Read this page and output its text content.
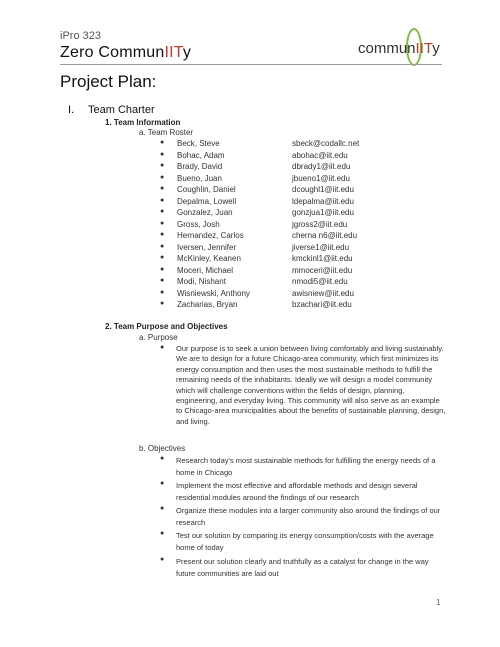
iPro 323
Zero CommunIITy	communIITy
Project Plan:
I. Team Charter
1. Team Information
a. Team Roster
● Beck, Steve	sbeck@codallc.net
● Bohac, Adam	abohac@iit.edu
● Brady, David	dbrady1@iit.edu
● Bueno, Juan	jbueno1@iit.edu
● Coughlin, Daniel	dcoughl1@iit.edu
● Depalma, Lowell	ldepalma@iit.edu
● Gonzalez, Juan	gonzjua1@iit.edu
● Gross, Josh	jgross2@iit.edu
● Hernandez, Carlos	cherna n6@iit.edu
● Iversen, Jennifer	jiverse1@iit.edu
● McKinley, Keanen	kmckinl1@iit.edu
● Moceri, Michael	mmoceri@iit.edu
● Modi, Nishant	nmodi5@iit.edu
● Wisniewski, Anthony	awisniew@iit.edu
● Zacharias, Bryan	bzachari@iit.edu
2. Team Purpose and Objectives
a. Purpose
● Our purpose is to seek a union between living comfortably and living sustainably. We are to design for a future Chicago-area community, which first minimizes its energy consumption and then uses the most sustainable methods to fulfill the remaining needs of the inhabitants. Ideally we will design a model community which will challenge conventions within the fields of design, planning, engineering, and everyday living. This community will also serve as an example to Chicago-area municipalities about the benefits of sustainable planning, design, and living.
b. Objectives
● Research today's most sustainable methods for fulfilling the energy needs of a home in Chicago
● Implement the most effective and affordable methods and design several residential modules around the findings of our research
● Organize these modules into a larger community also around the findings of our research
● Test our solution by comparing its energy consumption/costs with the average home of today
● Present our solution clearly and truthfully as a catalyst for change in the way future communities are laid out
1
